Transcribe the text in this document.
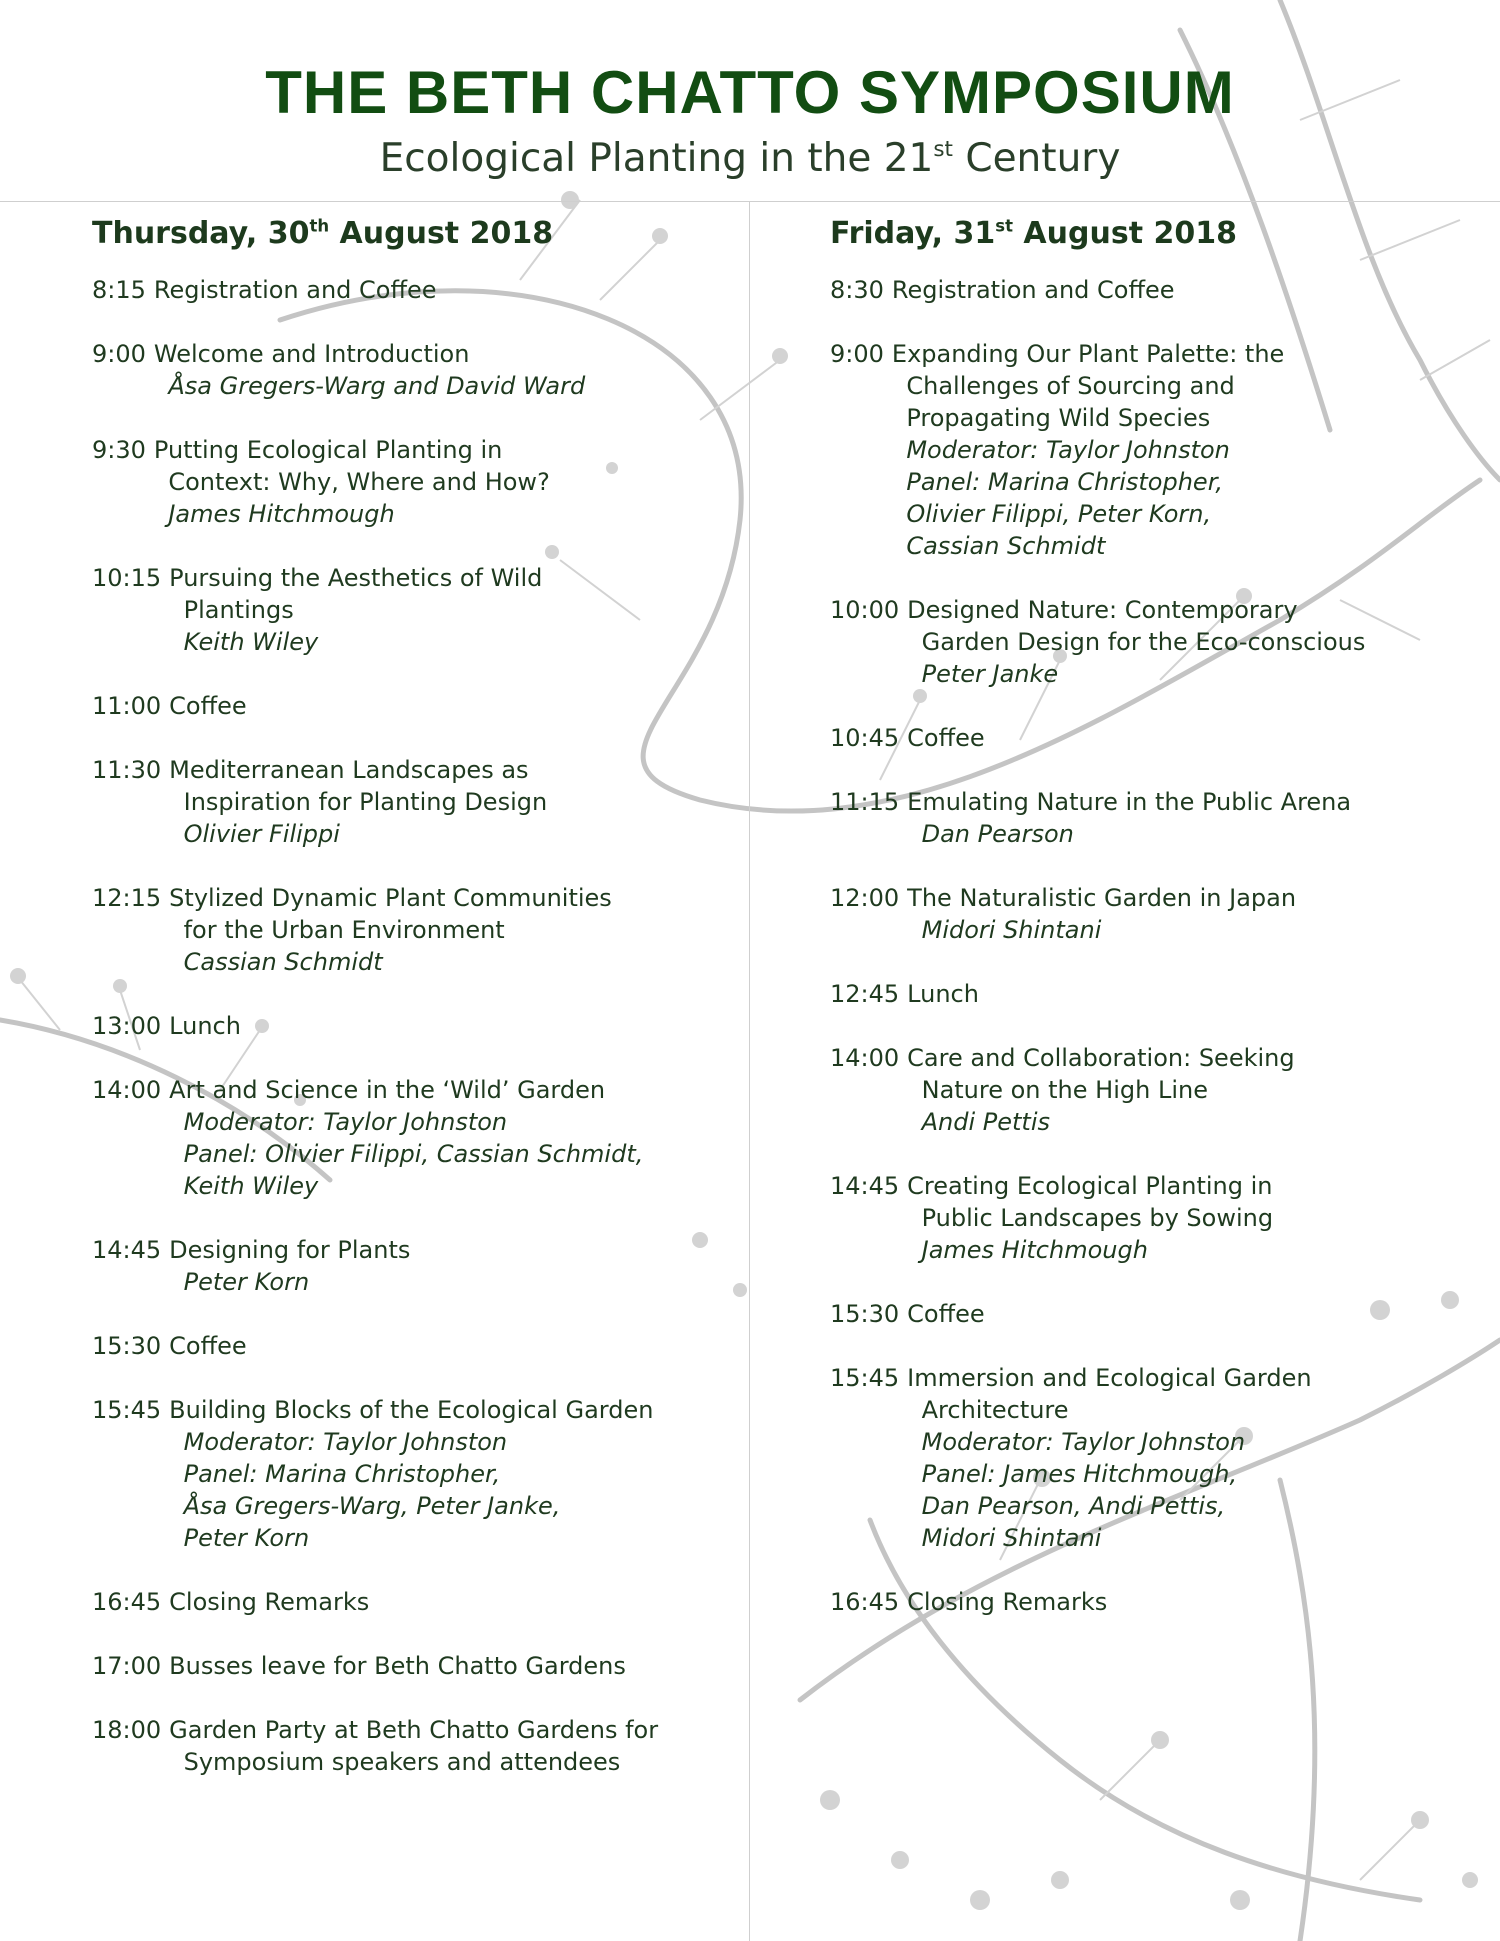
THE BETH CHATTO SYMPOSIUM
Ecological Planting in the 21st Century
Thursday, 30th August 2018
8:15 Registration and Coffee
9:00 Welcome and Introduction
Åsa Gregers-Warg and David Ward
9:30 Putting Ecological Planting in
Context: Why, Where and How?
James Hitchmough
10:15 Pursuing the Aesthetics of Wild
Plantings
Keith Wiley
11:00 Coffee
11:30 Mediterranean Landscapes as
Inspiration for Planting Design
Olivier Filippi
12:15 Stylized Dynamic Plant Communities
for the Urban Environment
Cassian Schmidt
13:00 Lunch
14:00 Art and Science in the ‘Wild’ Garden
Moderator: Taylor Johnston
Panel: Olivier Filippi, Cassian Schmidt,
Keith Wiley
14:45 Designing for Plants
Peter Korn
15:30 Coffee
15:45 Building Blocks of the Ecological Garden
Moderator: Taylor Johnston
Panel: Marina Christopher,
Åsa Gregers-Warg, Peter Janke,
Peter Korn
16:45 Closing Remarks
17:00 Busses leave for Beth Chatto Gardens
18:00 Garden Party at Beth Chatto Gardens for
Symposium speakers and attendees
Friday, 31st August 2018
8:30 Registration and Coffee
9:00 Expanding Our Plant Palette: the
Challenges of Sourcing and
Propagating Wild Species
Moderator: Taylor Johnston
Panel: Marina Christopher,
Olivier Filippi, Peter Korn,
Cassian Schmidt
10:00 Designed Nature: Contemporary
Garden Design for the Eco-conscious
Peter Janke
10:45 Coffee
11:15 Emulating Nature in the Public Arena
Dan Pearson
12:00 The Naturalistic Garden in Japan
Midori Shintani
12:45 Lunch
14:00 Care and Collaboration: Seeking
Nature on the High Line
Andi Pettis
14:45 Creating Ecological Planting in
Public Landscapes by Sowing
James Hitchmough
15:30 Coffee
15:45 Immersion and Ecological Garden
Architecture
Moderator: Taylor Johnston
Panel: James Hitchmough,
Dan Pearson, Andi Pettis,
Midori Shintani
16:45 Closing Remarks
